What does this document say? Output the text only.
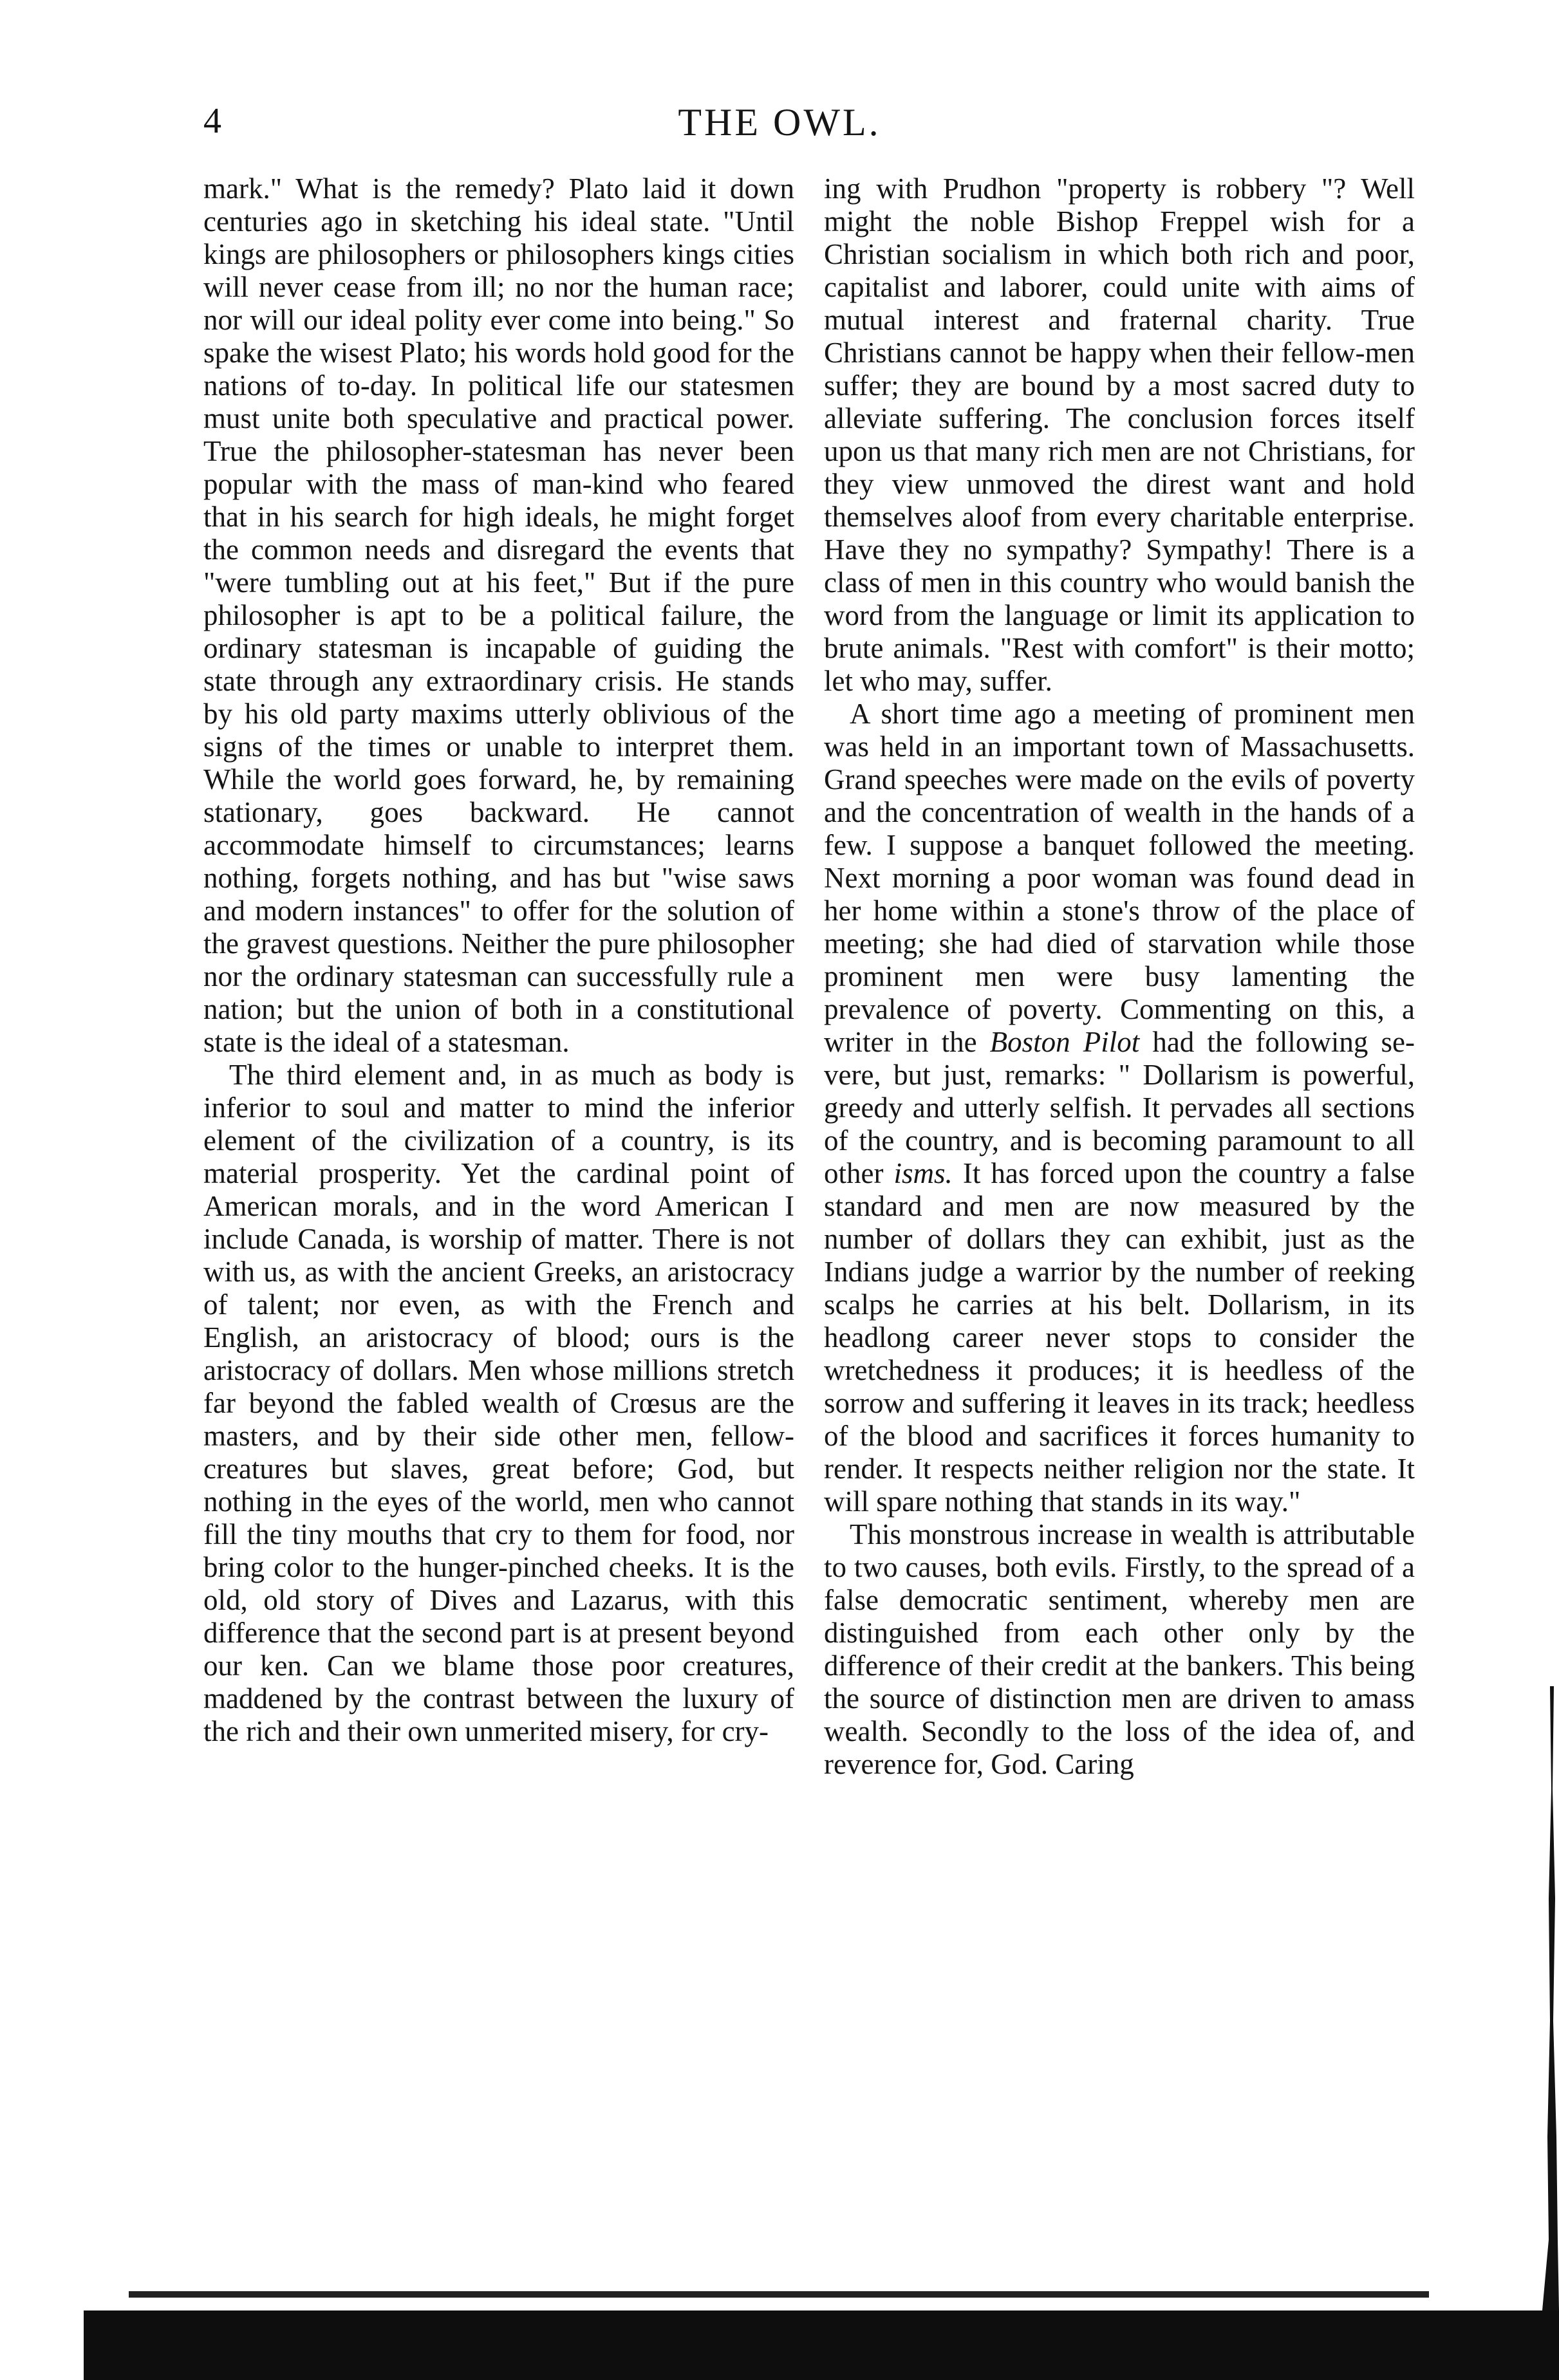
4	THE OWL.

mark." What is the remedy? Plato laid it down centuries ago in sketching his ideal state. "Until kings are philosophers or philosophers kings cities will never cease from ill; no nor the human race; nor will our ideal polity ever come into being." So spake the wisest Plato; his words hold good for the nations of to-day. In political life our statesmen must unite both speculative and practical power. True the philosopher-statesman has never been popular with the mass of man-kind who feared that in his search for high ideals, he might forget the common needs and disregard the events that "were tumbling out at his feet," But if the pure philosopher is apt to be a political failure, the ordinary statesman is incapable of guiding the state through any extraordinary crisis. He stands by his old party maxims utterly oblivious of the signs of the times or unable to interpret them. While the world goes forward, he, by remaining stationary, goes backward. He cannot accommodate himself to circumstances; learns nothing, forgets nothing, and has but "wise saws and modern instances" to offer for the solution of the gravest questions. Neither the pure philosopher nor the ordinary statesman can successfully rule a nation; but the union of both in a constitutional state is the ideal of a statesman.

The third element and, in as much as body is inferior to soul and matter to mind the inferior element of the civilization of a country, is its material prosperity. Yet the cardinal point of American morals, and in the word American I include Canada, is worship of matter. There is not with us, as with the ancient Greeks, an aristocracy of talent; nor even, as with the French and English, an aristocracy of blood; ours is the aristocracy of dollars. Men whose millions stretch far beyond the fabled wealth of Crœsus are the masters, and by their side other men, fellow-creatures but slaves, great before; God, but nothing in the eyes of the world, men who cannot fill the tiny mouths that cry to them for food, nor bring color to the hunger-pinched cheeks. It is the old, old story of Dives and Lazarus, with this difference that the second part is at present beyond our ken. Can we blame those poor creatures, maddened by the contrast between the luxury of the rich and their own unmerited misery, for cry-

ing with Prudhon "property is robbery "? Well might the noble Bishop Freppel wish for a Christian socialism in which both rich and poor, capitalist and laborer, could unite with aims of mutual interest and fraternal charity. True Christians cannot be happy when their fellow-men suffer; they are bound by a most sacred duty to alleviate suffering. The conclusion forces itself upon us that many rich men are not Christians, for they view unmoved the direst want and hold themselves aloof from every charitable enterprise. Have they no sympathy? Sympathy! There is a class of men in this country who would banish the word from the language or limit its application to brute animals. "Rest with comfort" is their motto; let who may, suffer.

A short time ago a meeting of prominent men was held in an important town of Massachusetts. Grand speeches were made on the evils of poverty and the concentration of wealth in the hands of a few. I suppose a banquet followed the meeting. Next morning a poor woman was found dead in her home within a stone's throw of the place of meeting; she had died of starvation while those prominent men were busy lamenting the prevalence of poverty. Commenting on this, a writer in the Boston Pilot had the following severe, but just, remarks: " Dollarism is powerful, greedy and utterly selfish. It pervades all sections of the country, and is becoming paramount to all other isms. It has forced upon the country a false standard and men are now measured by the number of dollars they can exhibit, just as the Indians judge a warrior by the number of reeking scalps he carries at his belt. Dollarism, in its headlong career never stops to consider the wretchedness it produces; it is heedless of the sorrow and suffering it leaves in its track; heedless of the blood and sacrifices it forces humanity to render. It respects neither religion nor the state. It will spare nothing that stands in its way."

This monstrous increase in wealth is attributable to two causes, both evils. Firstly, to the spread of a false democratic sentiment, whereby men are distinguished from each other only by the difference of their credit at the bankers. This being the source of distinction men are driven to amass wealth. Secondly to the loss of the idea of, and reverence for, God. Caring
